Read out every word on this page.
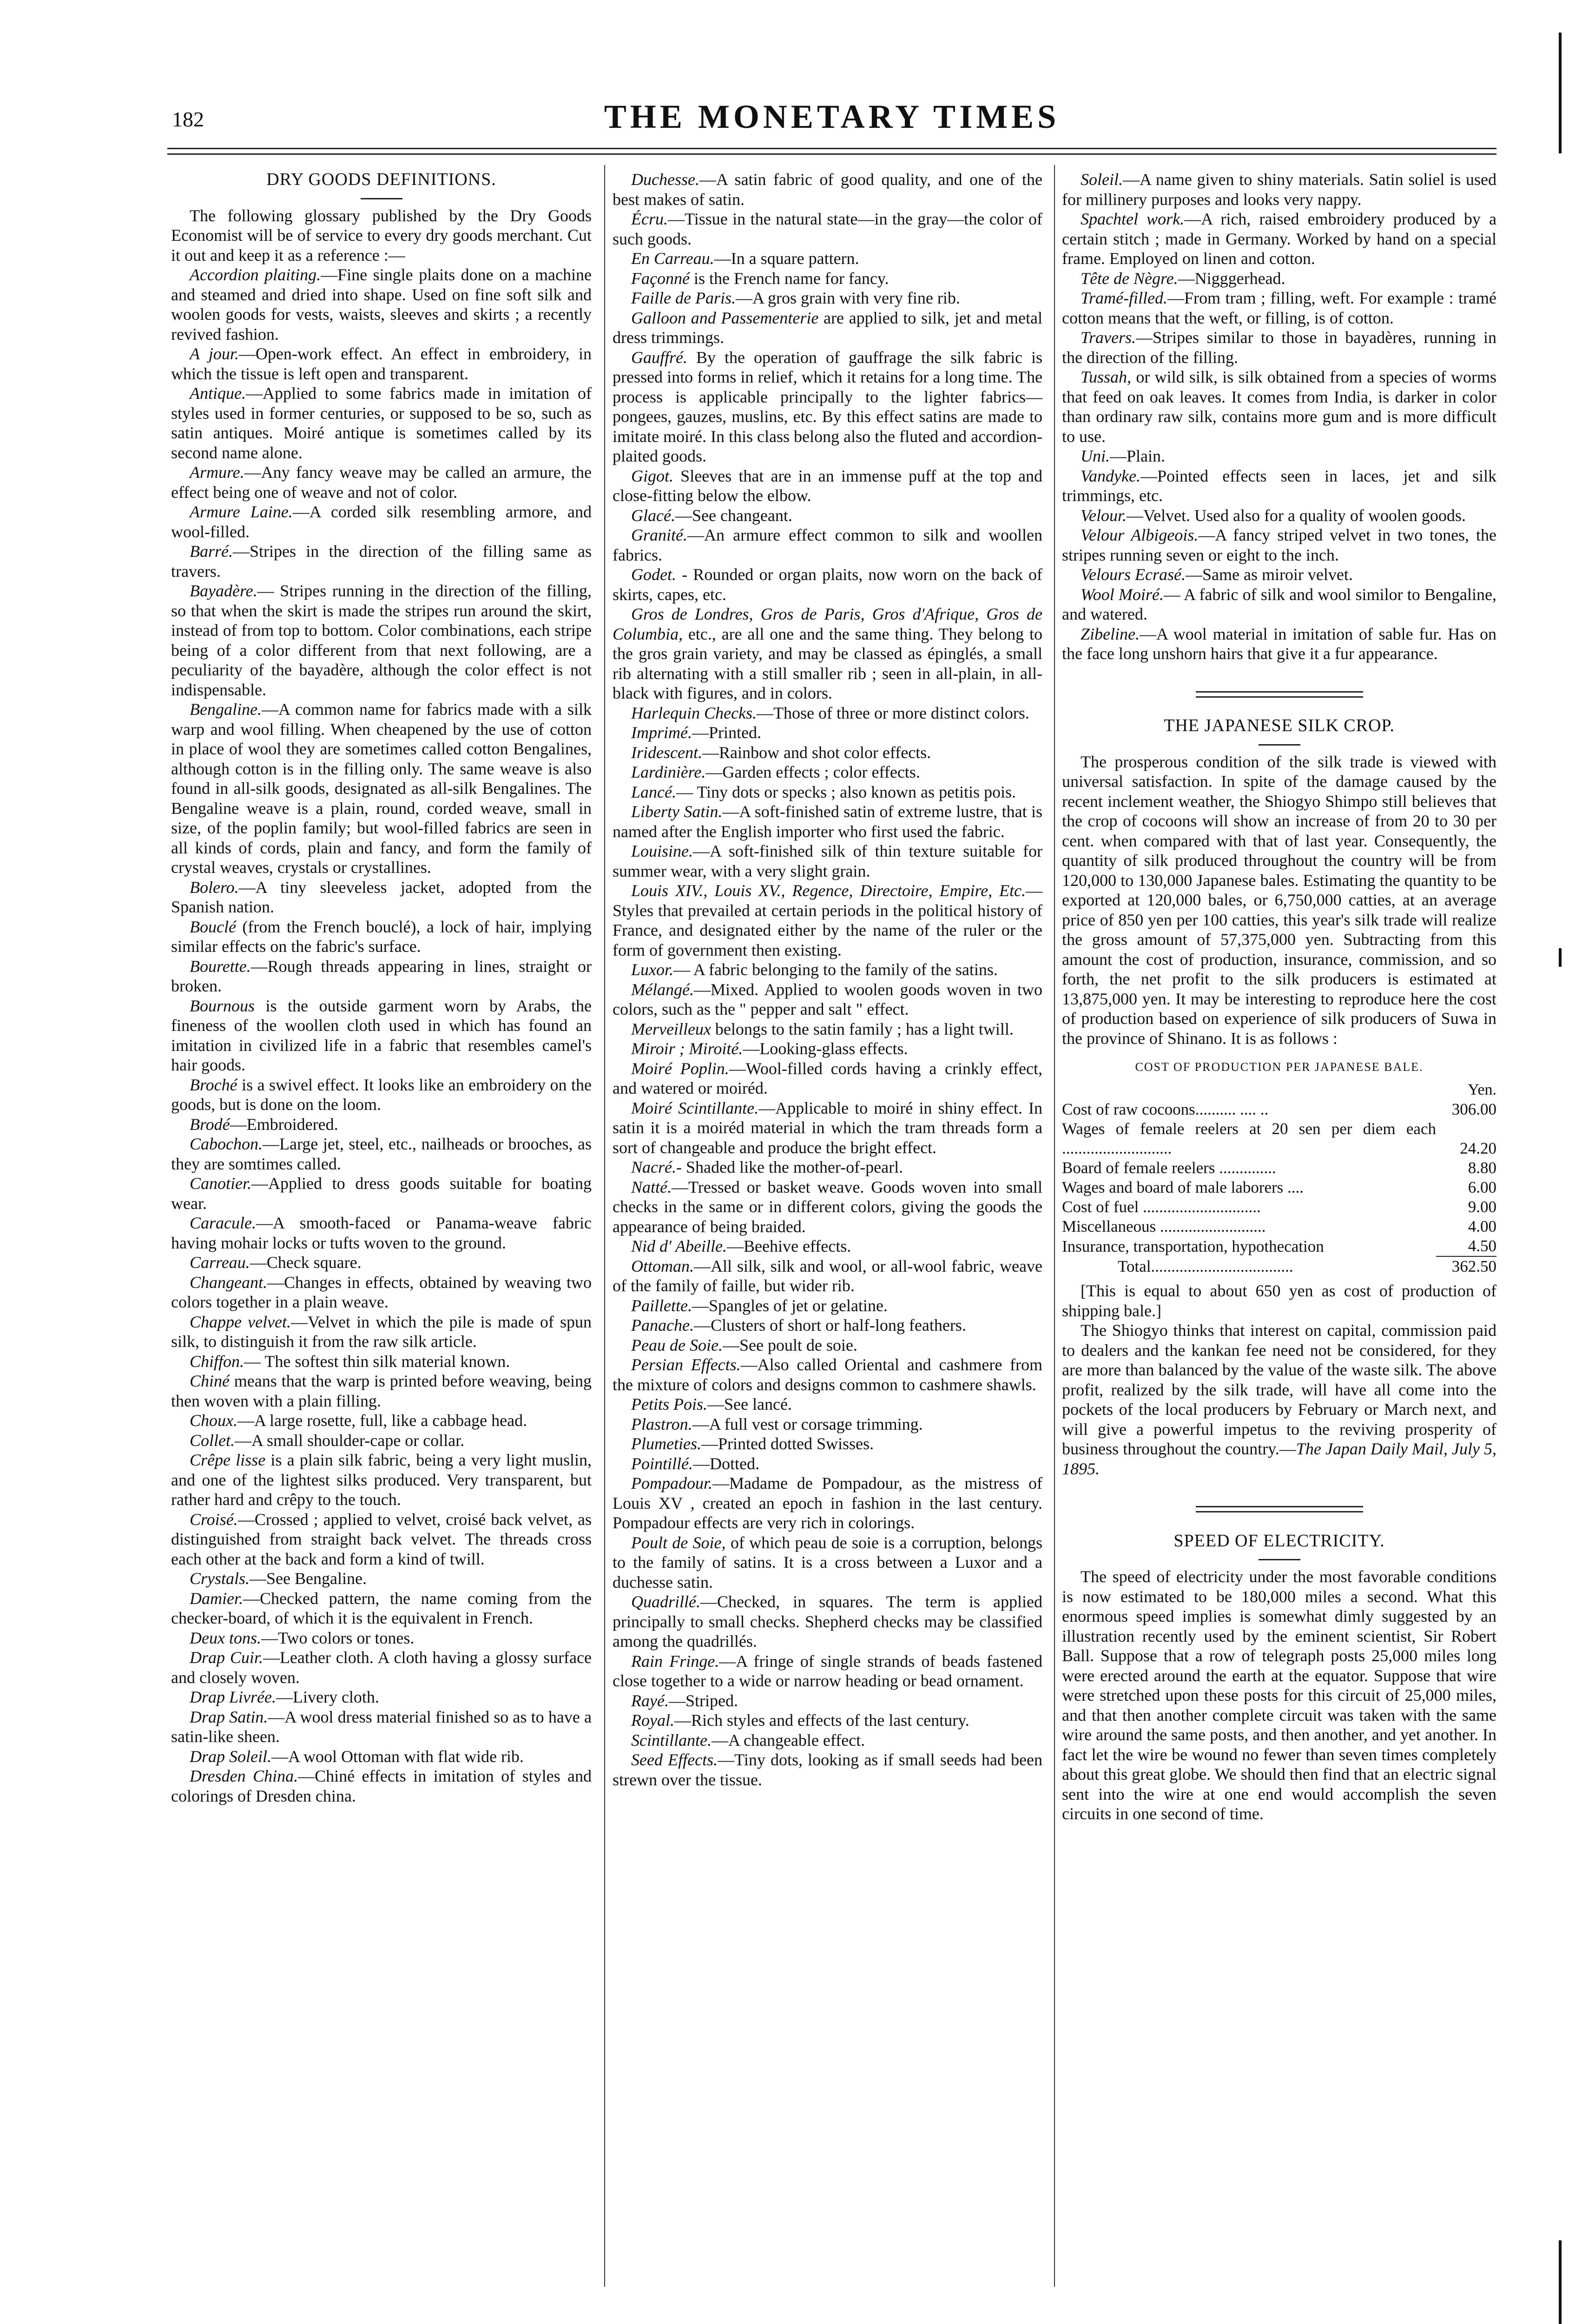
182	THE MONETARY TIMES
DRY GOODS DEFINITIONS.

The following glossary published by the Dry Goods Economist will be of service to every dry goods merchant. Cut it out and keep it as a reference :—

Accordion plaiting.—Fine single plaits done on a machine and steamed and dried into shape. Used on fine soft silk and woolen goods for vests, waists, sleeves and skirts ; a recently revived fashion.

A jour.—Open-work effect. An effect in embroidery, in which the tissue is left open and transparent.

Antique.—Applied to some fabrics made in imitation of styles used in former centuries, or supposed to be so, such as satin antiques. Moiré antique is sometimes called by its second name alone.

Armure.—Any fancy weave may be called an armure, the effect being one of weave and not of color.

Armure Laine.—A corded silk resembling armore, and wool-filled.

Barré.—Stripes in the direction of the filling same as travers.

Bayadère.— Stripes running in the direction of the filling, so that when the skirt is made the stripes run around the skirt, instead of from top to bottom. Color combinations, each stripe being of a color different from that next following, are a peculiarity of the bayadère, although the color effect is not indispensable.

Bengaline.—A common name for fabrics made with a silk warp and wool filling. When cheapened by the use of cotton in place of wool they are sometimes called cotton Bengalines, although cotton is in the filling only. The same weave is also found in all-silk goods, designated as all-silk Bengalines. The Bengaline weave is a plain, round, corded weave, small in size, of the poplin family; but wool-filled fabrics are seen in all kinds of cords, plain and fancy, and form the family of crystal weaves, crystals or crystallines.

Bolero.—A tiny sleeveless jacket, adopted from the Spanish nation.

Bouclé (from the French bouclé), a lock of hair, implying similar effects on the fabric's surface.

Bourette.—Rough threads appearing in lines, straight or broken.

Bournous is the outside garment worn by Arabs, the fineness of the woollen cloth used in which has found an imitation in civilized life in a fabric that resembles camel's hair goods.

Broché is a swivel effect. It looks like an embroidery on the goods, but is done on the loom.

Brodé—Embroidered.

Cabochon.—Large jet, steel, etc., nailheads or brooches, as they are somtimes called.

Canotier.—Applied to dress goods suitable for boating wear.

Caracule.—A smooth-faced or Panama-weave fabric having mohair locks or tufts woven to the ground.

Carreau.—Check square.

Changeant.—Changes in effects, obtained by weaving two colors together in a plain weave.

Chappe velvet.—Velvet in which the pile is made of spun silk, to distinguish it from the raw silk article.

Chiffon.— The softest thin silk material known.

Chiné means that the warp is printed before weaving, being then woven with a plain filling.

Choux.—A large rosette, full, like a cabbage head.

Collet.—A small shoulder-cape or collar.

Crêpe lisse is a plain silk fabric, being a very light muslin, and one of the lightest silks produced. Very transparent, but rather hard and crêpy to the touch.

Croisé.—Crossed ; applied to velvet, croisé back velvet, as distinguished from straight back velvet. The threads cross each other at the back and form a kind of twill.

Crystals.—See Bengaline.

Damier.—Checked pattern, the name coming from the checker-board, of which it is the equivalent in French.

Deux tons.—Two colors or tones.

Drap Cuir.—Leather cloth. A cloth having a glossy surface and closely woven.

Drap Livrée.—Livery cloth.

Drap Satin.—A wool dress material finished so as to have a satin-like sheen.

Drap Soleil.—A wool Ottoman with flat wide rib.

Dresden China.—Chiné effects in imitation of styles and colorings of Dresden china.

Duchesse.—A satin fabric of good quality, and one of the best makes of satin.

Écru.—Tissue in the natural state—in the gray—the color of such goods.

En Carreau.—In a square pattern.

Façonné is the French name for fancy.

Faille de Paris.—A gros grain with very fine rib.

Galloon and Passementerie are applied to silk, jet and metal dress trimmings.

Gauffré. By the operation of gauffrage the silk fabric is pressed into forms in relief, which it retains for a long time. The process is applicable principally to the lighter fabrics—pongees, gauzes, muslins, etc. By this effect satins are made to imitate moiré. In this class belong also the fluted and accordion-plaited goods.

Gigot. Sleeves that are in an immense puff at the top and close-fitting below the elbow.

Glacé.—See changeant.

Granité.—An armure effect common to silk and woollen fabrics.

Godet. - Rounded or organ plaits, now worn on the back of skirts, capes, etc.

Gros de Londres, Gros de Paris, Gros d'Afrique, Gros de Columbia, etc., are all one and the same thing. They belong to the gros grain variety, and may be classed as épinglés, a small rib alternating with a still smaller rib ; seen in all-plain, in all-black with figures, and in colors.

Harlequin Checks.—Those of three or more distinct colors.

Imprimé.—Printed.

Iridescent.—Rainbow and shot color effects.

Lardinière.—Garden effects ; color effects.

Lancé.— Tiny dots or specks ; also known as petitis pois.

Liberty Satin.—A soft-finished satin of extreme lustre, that is named after the English importer who first used the fabric.

Louisine.—A soft-finished silk of thin texture suitable for summer wear, with a very slight grain.

Louis XIV., Louis XV., Regence, Directoire, Empire, Etc.—Styles that prevailed at certain periods in the political history of France, and designated either by the name of the ruler or the form of government then existing.

Luxor.— A fabric belonging to the family of the satins.

Mélangé.—Mixed. Applied to woolen goods woven in two colors, such as the " pepper and salt " effect.

Merveilleux belongs to the satin family ; has a light twill.

Miroir ; Miroité.—Looking-glass effects.

Moiré Poplin.—Wool-filled cords having a crinkly effect, and watered or moiréd.

Moiré Scintillante.—Applicable to moiré in shiny effect. In satin it is a moiréd material in which the tram threads form a sort of changeable and produce the bright effect.

Nacré.- Shaded like the mother-of-pearl.

Natté.—Tressed or basket weave. Goods woven into small checks in the same or in different colors, giving the goods the appearance of being braided.

Nid d' Abeille.—Beehive effects.

Ottoman.—All silk, silk and wool, or all-wool fabric, weave of the family of faille, but wider rib.

Paillette.—Spangles of jet or gelatine.

Panache.—Clusters of short or half-long feathers.

Peau de Soie.—See poult de soie.

Persian Effects.—Also called Oriental and cashmere from the mixture of colors and designs common to cashmere shawls.

Petits Pois.—See lancé.

Plastron.—A full vest or corsage trimming.

Plumeties.—Printed dotted Swisses.

Pointillé.—Dotted.

Pompadour.—Madame de Pompadour, as the mistress of Louis XV , created an epoch in fashion in the last century. Pompadour effects are very rich in colorings.

Poult de Soie, of which peau de soie is a corruption, belongs to the family of satins. It is a cross between a Luxor and a duchesse satin.

Quadrillé.—Checked, in squares. The term is applied principally to small checks. Shepherd checks may be classified among the quadrillés.

Rain Fringe.—A fringe of single strands of beads fastened close together to a wide or narrow heading or bead ornament.

Rayé.—Striped.

Royal.—Rich styles and effects of the last century.

Scintillante.—A changeable effect.

Seed Effects.—Tiny dots, looking as if small seeds had been strewn over the tissue.

Soleil.—A name given to shiny materials. Satin soliel is used for millinery purposes and looks very nappy.

Spachtel work.—A rich, raised embroidery produced by a certain stitch ; made in Germany. Worked by hand on a special frame. Employed on linen and cotton.

Tête de Nègre.—Nigggerhead.

Tramé-filled.—From tram ; filling, weft. For example : tramé cotton means that the weft, or filling, is of cotton.

Travers.—Stripes similar to those in bayadères, running in the direction of the filling.

Tussah, or wild silk, is silk obtained from a species of worms that feed on oak leaves. It comes from India, is darker in color than ordinary raw silk, contains more gum and is more difficult to use.

Uni.—Plain.

Vandyke.—Pointed effects seen in laces, jet and silk trimmings, etc.

Velour.—Velvet. Used also for a quality of woolen goods.

Velour Albigeois.—A fancy striped velvet in two tones, the stripes running seven or eight to the inch.

Velours Ecrasé.—Same as miroir velvet.

Wool Moiré.— A fabric of silk and wool similor to Bengaline, and watered.

Zibeline.—A wool material in imitation of sable fur. Has on the face long unshorn hairs that give it a fur appearance.

THE JAPANESE SILK CROP.

The prosperous condition of the silk trade is viewed with universal satisfaction. In spite of the damage caused by the recent inclement weather, the Shiogyo Shimpo still believes that the crop of cocoons will show an increase of from 20 to 30 per cent. when compared with that of last year. Consequently, the quantity of silk produced throughout the country will be from 120,000 to 130,000 Japanese bales. Estimating the quantity to be exported at 120,000 bales, or 6,750,000 catties, at an average price of 850 yen per 100 catties, this year's silk trade will realize the gross amount of 57,375,000 yen. Subtracting from this amount the cost of production, insurance, commission, and so forth, the net profit to the silk producers is estimated at 13,875,000 yen. It may be interesting to reproduce here the cost of production based on experience of silk producers of Suwa in the province of Shinano. It is as follows :

COST OF PRODUCTION PER JAPANESE BALE.
Yen.
Cost of raw cocoons.......... .... ..	306.00
Wages of female reelers at 20 sen per diem each ...........................	24.20
Board of female reelers ..............	8.80
Wages and board of male laborers ....	6.00
Cost of fuel .............................	9.00
Miscellaneous ..........................	4.00
Insurance, transportation, hypothecation	4.50
Total...................................	362.50

[This is equal to about 650 yen as cost of production of shipping bale.]

The Shiogyo thinks that interest on capital, commission paid to dealers and the kankan fee need not be considered, for they are more than balanced by the value of the waste silk. The above profit, realized by the silk trade, will have all come into the pockets of the local producers by February or March next, and will give a powerful impetus to the reviving prosperity of business throughout the country.—The Japan Daily Mail, July 5, 1895.

SPEED OF ELECTRICITY.

The speed of electricity under the most favorable conditions is now estimated to be 180,000 miles a second. What this enormous speed implies is somewhat dimly suggested by an illustration recently used by the eminent scientist, Sir Robert Ball. Suppose that a row of telegraph posts 25,000 miles long were erected around the earth at the equator. Suppose that wire were stretched upon these posts for this circuit of 25,000 miles, and that then another complete circuit was taken with the same wire around the same posts, and then another, and yet another. In fact let the wire be wound no fewer than seven times completely about this great globe. We should then find that an electric signal sent into the wire at one end would accomplish the seven circuits in one second of time.
